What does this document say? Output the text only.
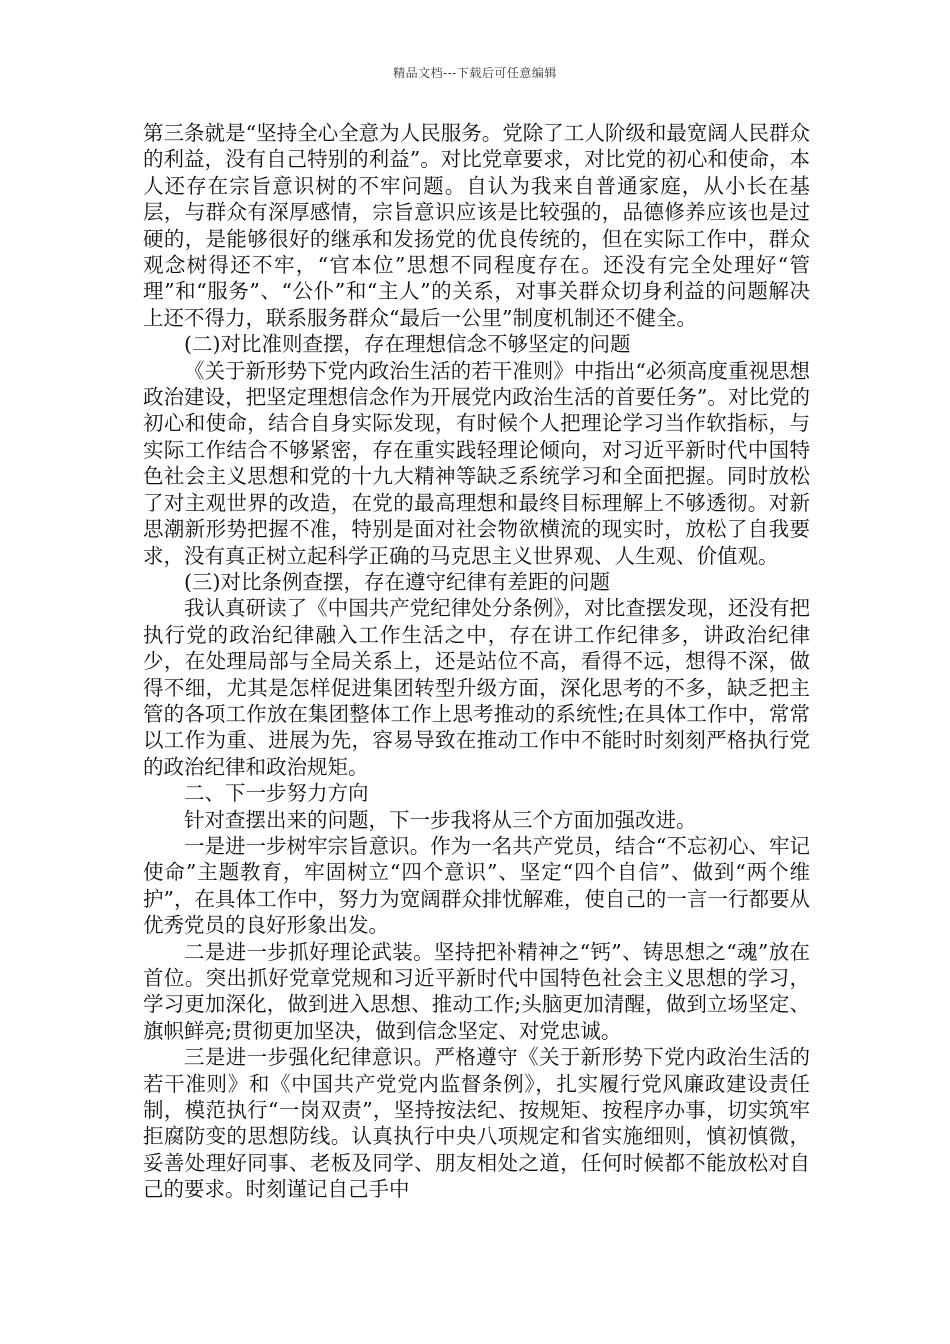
精品文档---下载后可任意编辑

第三条就是“坚持全心全意为人民服务。党除了工人阶级和最宽阔人民群众的利益，没有自己特别的利益”。对比党章要求，对比党的初心和使命，本人还存在宗旨意识树的不牢问题。自认为我来自普通家庭，从小长在基层，与群众有深厚感情，宗旨意识应该是比较强的，品德修养应该也是过硬的，是能够很好的继承和发扬党的优良传统的，但在实际工作中，群众观念树得还不牢，“官本位”思想不同程度存在。还没有完全处理好“管理”和“服务”、“公仆”和“主人”的关系，对事关群众切身利益的问题解决上还不得力，联系服务群众“最后一公里”制度机制还不健全。

(二)对比准则查摆，存在理想信念不够坚定的问题

《关于新形势下党内政治生活的若干准则》中指出“必须高度重视思想政治建设，把坚定理想信念作为开展党内政治生活的首要任务”。对比党的初心和使命，结合自身实际发现，有时候个人把理论学习当作软指标，与实际工作结合不够紧密，存在重实践轻理论倾向，对习近平新时代中国特色社会主义思想和党的十九大精神等缺乏系统学习和全面把握。同时放松了对主观世界的改造，在党的最高理想和最终目标理解上不够透彻。对新思潮新形势把握不准，特别是面对社会物欲横流的现实时，放松了自我要求，没有真正树立起科学正确的马克思主义世界观、人生观、价值观。

(三)对比条例查摆，存在遵守纪律有差距的问题

我认真研读了《中国共产党纪律处分条例》，对比查摆发现，还没有把执行党的政治纪律融入工作生活之中，存在讲工作纪律多，讲政治纪律少，在处理局部与全局关系上，还是站位不高，看得不远，想得不深，做得不细，尤其是怎样促进集团转型升级方面，深化思考的不多，缺乏把主管的各项工作放在集团整体工作上思考推动的系统性;在具体工作中，常常以工作为重、进展为先，容易导致在推动工作中不能时时刻刻严格执行党的政治纪律和政治规矩。

二、下一步努力方向

针对查摆出来的问题，下一步我将从三个方面加强改进。

一是进一步树牢宗旨意识。作为一名共产党员，结合“不忘初心、牢记使命”主题教育，牢固树立“四个意识”、坚定“四个自信”、做到“两个维护”，在具体工作中，努力为宽阔群众排忧解难，使自己的一言一行都要从优秀党员的良好形象出发。

二是进一步抓好理论武装。坚持把补精神之“钙”、铸思想之“魂”放在首位。突出抓好党章党规和习近平新时代中国特色社会主义思想的学习，学习更加深化，做到进入思想、推动工作;头脑更加清醒，做到立场坚定、旗帜鲜亮;贯彻更加坚决，做到信念坚定、对党忠诚。

三是进一步强化纪律意识。严格遵守《关于新形势下党内政治生活的若干准则》和《中国共产党党内监督条例》，扎实履行党风廉政建设责任制，模范执行“一岗双责”，坚持按法纪、按规矩、按程序办事，切实筑牢拒腐防变的思想防线。认真执行中央八项规定和省实施细则，慎初慎微，妥善处理好同事、老板及同学、朋友相处之道，任何时候都不能放松对自己的要求。时刻谨记自己手中
